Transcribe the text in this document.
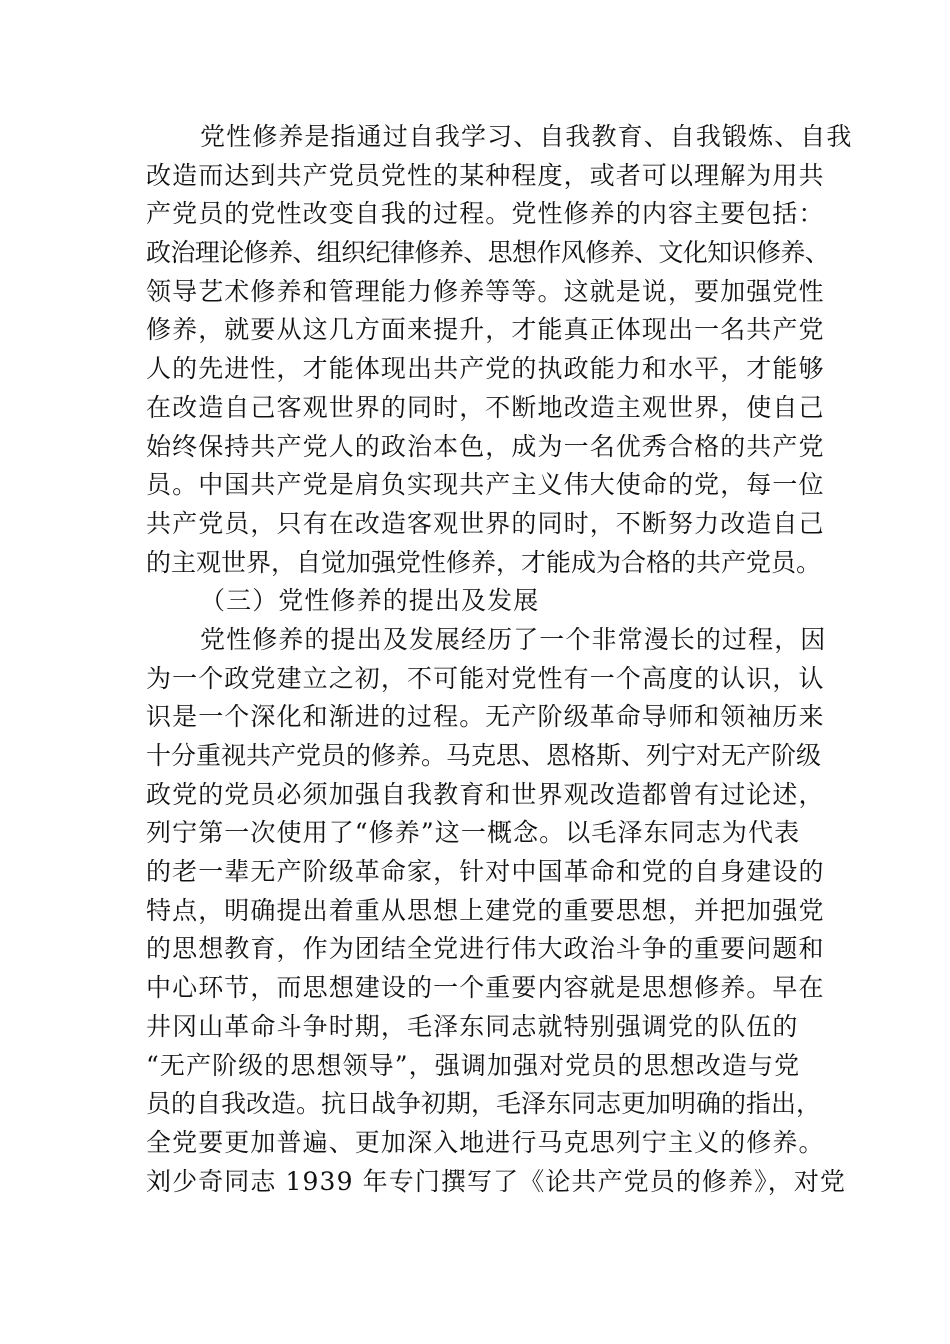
党性修养是指通过自我学习、自我教育、自我锻炼、自我
改造而达到共产党员党性的某种程度，或者可以理解为用共
产党员的党性改变自我的过程。党性修养的内容主要包括：
政治理论修养、组织纪律修养、思想作风修养、文化知识修养、
领导艺术修养和管理能力修养等等。这就是说，要加强党性
修养，就要从这几方面来提升，才能真正体现出一名共产党
人的先进性，才能体现出共产党的执政能力和水平，才能够
在改造自己客观世界的同时，不断地改造主观世界，使自己
始终保持共产党人的政治本色，成为一名优秀合格的共产党
员。中国共产党是肩负实现共产主义伟大使命的党，每一位
共产党员，只有在改造客观世界的同时，不断努力改造自己
的主观世界，自觉加强党性修养，才能成为合格的共产党员。
（三）党性修养的提出及发展
党性修养的提出及发展经历了一个非常漫长的过程，因
为一个政党建立之初，不可能对党性有一个高度的认识，认
识是一个深化和渐进的过程。无产阶级革命导师和领袖历来
十分重视共产党员的修养。马克思、恩格斯、列宁对无产阶级
政党的党员必须加强自我教育和世界观改造都曾有过论述，
列宁第一次使用了“修养”这一概念。以毛泽东同志为代表
的老一辈无产阶级革命家，针对中国革命和党的自身建设的
特点，明确提出着重从思想上建党的重要思想，并把加强党
的思想教育，作为团结全党进行伟大政治斗争的重要问题和
中心环节，而思想建设的一个重要内容就是思想修养。早在
井冈山革命斗争时期，毛泽东同志就特别强调党的队伍的
“无产阶级的思想领导”，强调加强对党员的思想改造与党
员的自我改造。抗日战争初期，毛泽东同志更加明确的指出，
全党要更加普遍、更加深入地进行马克思列宁主义的修养。
刘少奇同志 1939 年专门撰写了《论共产党员的修养》，对党
